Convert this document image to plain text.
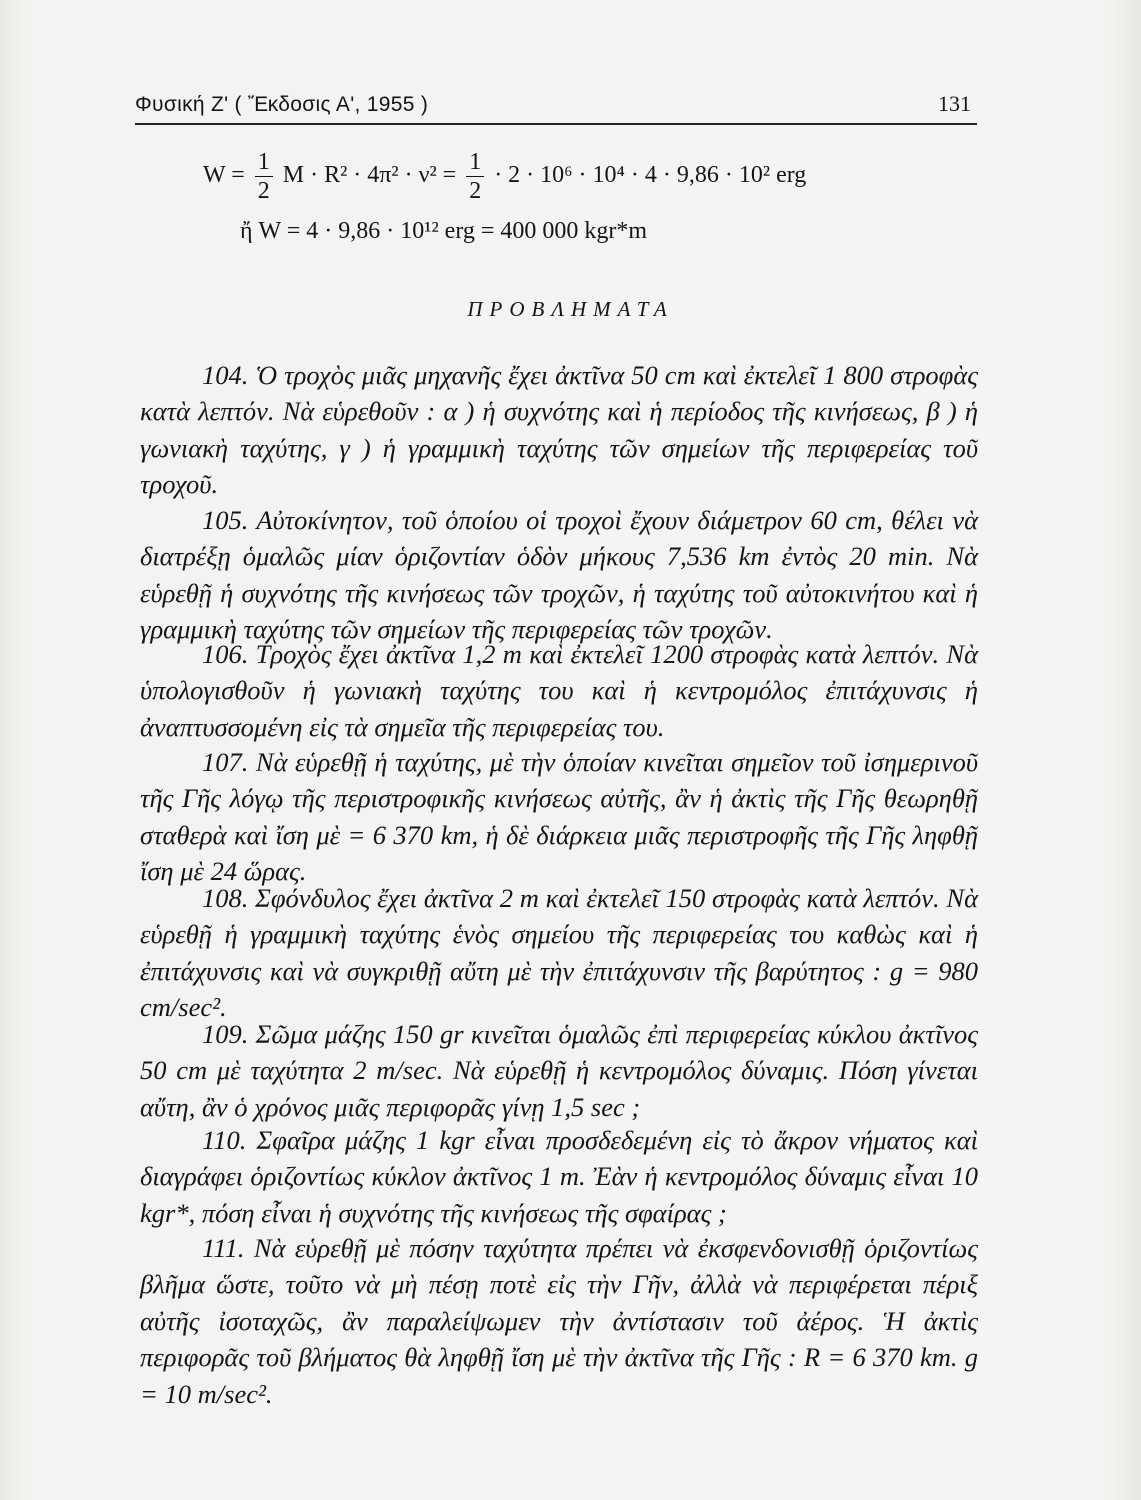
Φυσική Ζ' ( Ἔκδοσις Α', 1955 )	131
$W = \frac{1}{2}$ $M \cdot R^2 \cdot 4\pi^2 \cdot \nu^2 = \frac{1}{2} \cdot 2 \cdot 10^6 \cdot 10^4 \cdot 4 \cdot 9,86 \cdot 10^2$ erg
ἤ W = 4 · 9,86 · 10¹² erg = 400 000 kgr*m
ΠΡΟΒΛΗΜΑΤΑ

104. Ὁ τροχὸς μιᾶς μηχανῆς ἔχει ἀκτῖνα 50 cm καὶ ἐκτελεῖ 1 800 στροφὰς κατὰ λεπτόν. Νὰ εὑρεθοῦν : α ) ἡ συχνότης καὶ ἡ περίοδος τῆς κινήσεως, β ) ἡ γωνιακὴ ταχύτης, γ ) ἡ γραμμικὴ ταχύτης τῶν σημείων τῆς περιφερείας τοῦ τροχοῦ.

105. Αὐτοκίνητον, τοῦ ὁποίου οἱ τροχοὶ ἔχουν διάμετρον 60 cm, θέλει νὰ διατρέξῃ ὁμαλῶς μίαν ὁριζοντίαν ὁδὸν μήκους 7,536 km ἐντὸς 20 min. Νὰ εὑρεθῇ ἡ συχνότης τῆς κινήσεως τῶν τροχῶν, ἡ ταχύτης τοῦ αὐτοκινήτου καὶ ἡ γραμμικὴ ταχύτης τῶν σημείων τῆς περιφερείας τῶν τροχῶν.

106. Τροχὸς ἔχει ἀκτῖνα 1,2 m καὶ ἐκτελεῖ 1200 στροφὰς κατὰ λεπτόν. Νὰ ὑπολογισθοῦν ἡ γωνιακὴ ταχύτης του καὶ ἡ κεντρομόλος ἐπιτάχυνσις ἡ ἀναπτυσσομένη εἰς τὰ σημεῖα τῆς περιφερείας του.

107. Νὰ εὑρεθῇ ἡ ταχύτης, μὲ τὴν ὁποίαν κινεῖται σημεῖον τοῦ ἰσημερινοῦ τῆς Γῆς λόγῳ τῆς περιστροφικῆς κινήσεως αὐτῆς, ἂν ἡ ἀκτὶς τῆς Γῆς θεωρηθῇ σταθερὰ καὶ ἴση μὲ = 6 370 km, ἡ δὲ διάρκεια μιᾶς περιστροφῆς τῆς Γῆς ληφθῇ ἴση μὲ 24 ὥρας.

108. Σφόνδυλος ἔχει ἀκτῖνα 2 m καὶ ἐκτελεῖ 150 στροφὰς κατὰ λεπτόν. Νὰ εὑρεθῇ ἡ γραμμικὴ ταχύτης ἑνὸς σημείου τῆς περιφερείας του καθὼς καὶ ἡ ἐπιτάχυνσις καὶ νὰ συγκριθῇ αὔτη μὲ τὴν ἐπιτάχυνσιν τῆς βαρύτητος : g = 980 cm/sec².

109. Σῶμα μάζης 150 gr κινεῖται ὁμαλῶς ἐπὶ περιφερείας κύκλου ἀκτῖνος 50 cm μὲ ταχύτητα 2 m/sec. Νὰ εὑρεθῇ ἡ κεντρομόλος δύναμις. Πόση γίνεται αὔτη, ἂν ὁ χρόνος μιᾶς περιφορᾶς γίνῃ 1,5 sec ;

110. Σφαῖρα μάζης 1 kgr εἶναι προσδεδεμένη εἰς τὸ ἄκρον νήματος καὶ διαγράφει ὁριζοντίως κύκλον ἀκτῖνος 1 m. Ἐὰν ἡ κεντρομόλος δύναμις εἶναι 10 kgr*, πόση εἶναι ἡ συχνότης τῆς κινήσεως τῆς σφαίρας ;

111. Νὰ εὑρεθῇ μὲ πόσην ταχύτητα πρέπει νὰ ἐκσφενδονισθῇ ὁριζοντίως βλῆμα ὥστε, τοῦτο νὰ μὴ πέσῃ ποτὲ εἰς τὴν Γῆν, ἀλλὰ νὰ περιφέρεται πέριξ αὐτῆς ἰσοταχῶς, ἂν παραλείψωμεν τὴν ἀντίστασιν τοῦ ἀέρος. Ἡ ἀκτὶς περιφορᾶς τοῦ βλήματος θὰ ληφθῇ ἴση μὲ τὴν ἀκτῖνα τῆς Γῆς : R = 6 370 km. g = 10 m/sec².
